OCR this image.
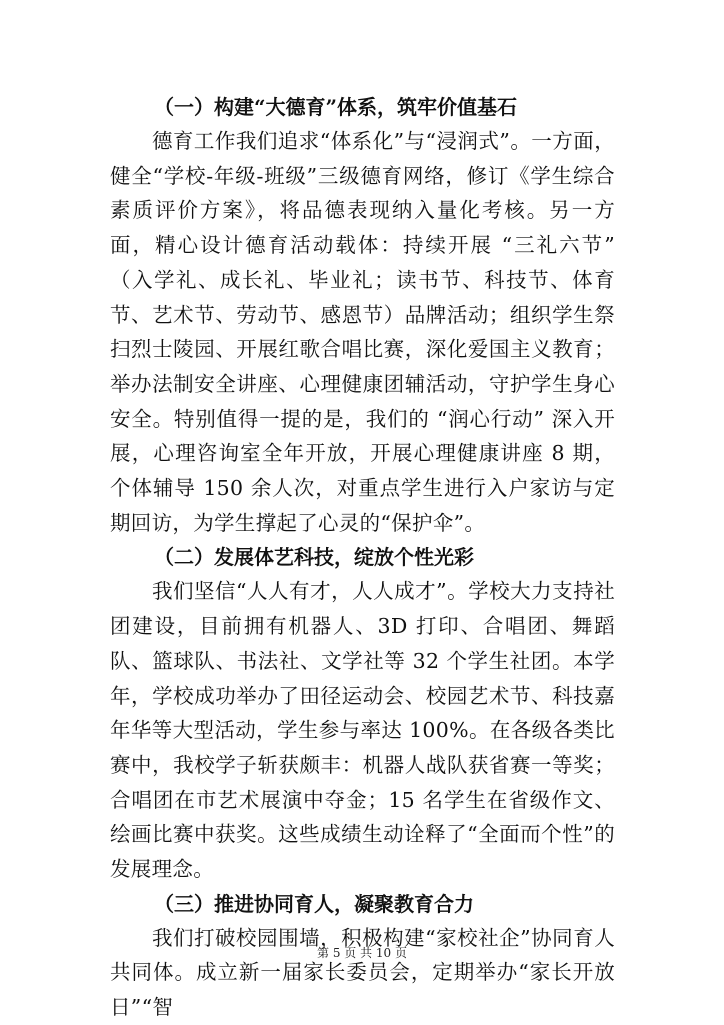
（一）构建“大德育”体系，筑牢价值基石

德育工作我们追求“体系化”与“浸润式”。一方面，健全“学校-年级-班级”三级德育网络，修订《学生综合素质评价方案》，将品德表现纳入量化考核。另一方面，精心设计德育活动载体：持续开展 “三礼六节” （入学礼、成长礼、毕业礼；读书节、科技节、体育节、艺术节、劳动节、感恩节）品牌活动；组织学生祭扫烈士陵园、开展红歌合唱比赛，深化爱国主义教育；举办法制安全讲座、心理健康团辅活动，守护学生身心安全。特别值得一提的是，我们的 “润心行动” 深入开展，心理咨询室全年开放，开展心理健康讲座 8 期，个体辅导 150 余人次，对重点学生进行入户家访与定期回访，为学生撑起了心灵的“保护伞”。

（二）发展体艺科技，绽放个性光彩

我们坚信“人人有才，人人成才”。学校大力支持社团建设，目前拥有机器人、3D 打印、合唱团、舞蹈队、篮球队、书法社、文学社等 32 个学生社团。本学年，学校成功举办了田径运动会、校园艺术节、科技嘉年华等大型活动，学生参与率达 100%。在各级各类比赛中，我校学子斩获颇丰：机器人战队获省赛一等奖；合唱团在市艺术展演中夺金；15 名学生在省级作文、绘画比赛中获奖。这些成绩生动诠释了“全面而个性”的发展理念。

（三）推进协同育人，凝聚教育合力

我们打破校园围墙，积极构建“家校社企”协同育人共同体。成立新一届家长委员会，定期举办“家长开放日”“智

第 5 页 共 10 页
